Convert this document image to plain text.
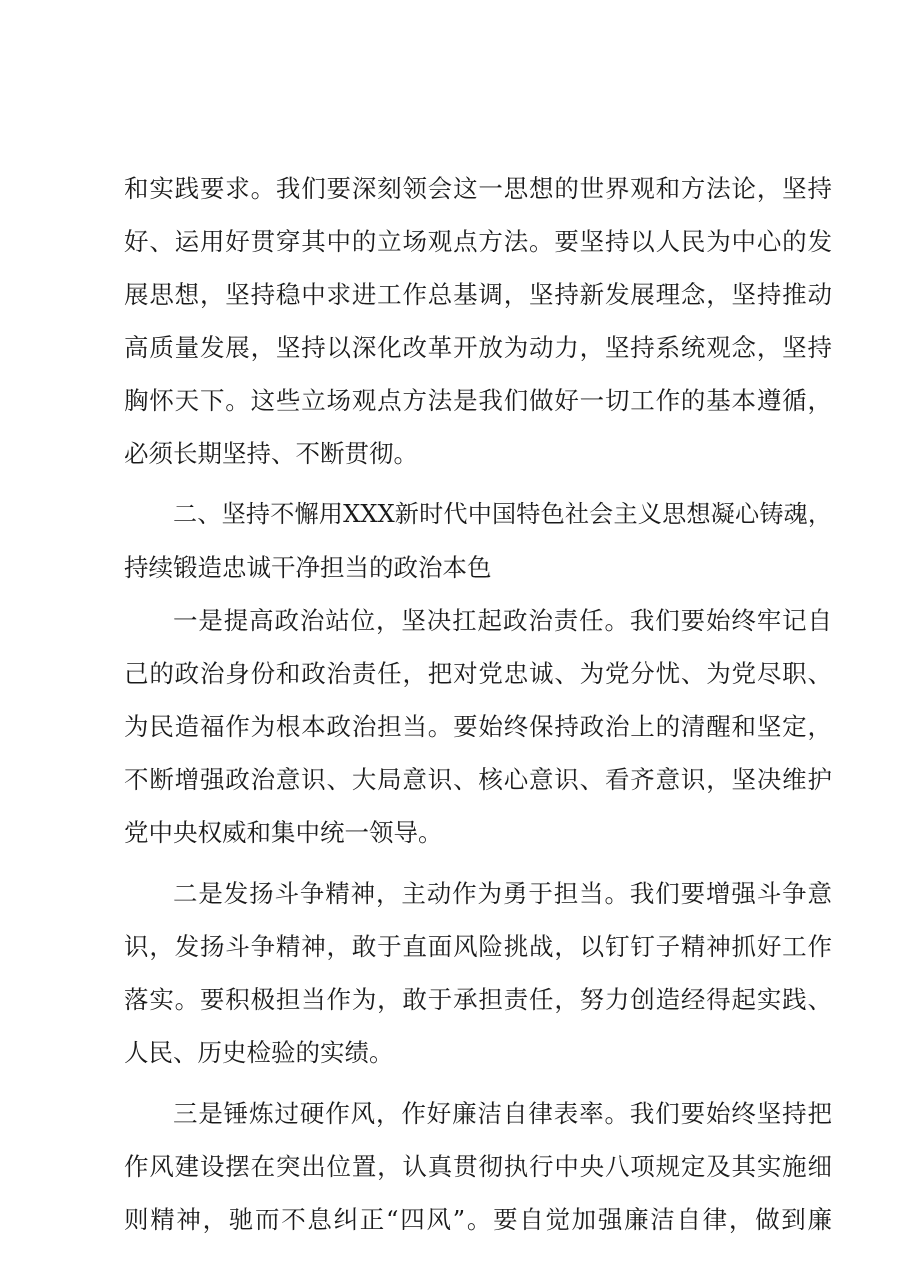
和实践要求。我们要深刻领会这一思想的世界观和方法论，坚持
好、运用好贯穿其中的立场观点方法。要坚持以人民为中心的发
展思想，坚持稳中求进工作总基调，坚持新发展理念，坚持推动
高质量发展，坚持以深化改革开放为动力，坚持系统观念，坚持
胸怀天下。这些立场观点方法是我们做好一切工作的基本遵循，
必须长期坚持、不断贯彻。
二、坚持不懈用XXX新时代中国特色社会主义思想凝心铸魂，
持续锻造忠诚干净担当的政治本色
一是提高政治站位，坚决扛起政治责任。我们要始终牢记自
己的政治身份和政治责任，把对党忠诚、为党分忧、为党尽职、
为民造福作为根本政治担当。要始终保持政治上的清醒和坚定，
不断增强政治意识、大局意识、核心意识、看齐意识，坚决维护
党中央权威和集中统一领导。
二是发扬斗争精神，主动作为勇于担当。我们要增强斗争意
识，发扬斗争精神，敢于直面风险挑战，以钉钉子精神抓好工作
落实。要积极担当作为，敢于承担责任，努力创造经得起实践、
人民、历史检验的实绩。
三是锤炼过硬作风，作好廉洁自律表率。我们要始终坚持把
作风建设摆在突出位置，认真贯彻执行中央八项规定及其实施细
则精神，驰而不息纠正“四风”。要自觉加强廉洁自律，做到廉
